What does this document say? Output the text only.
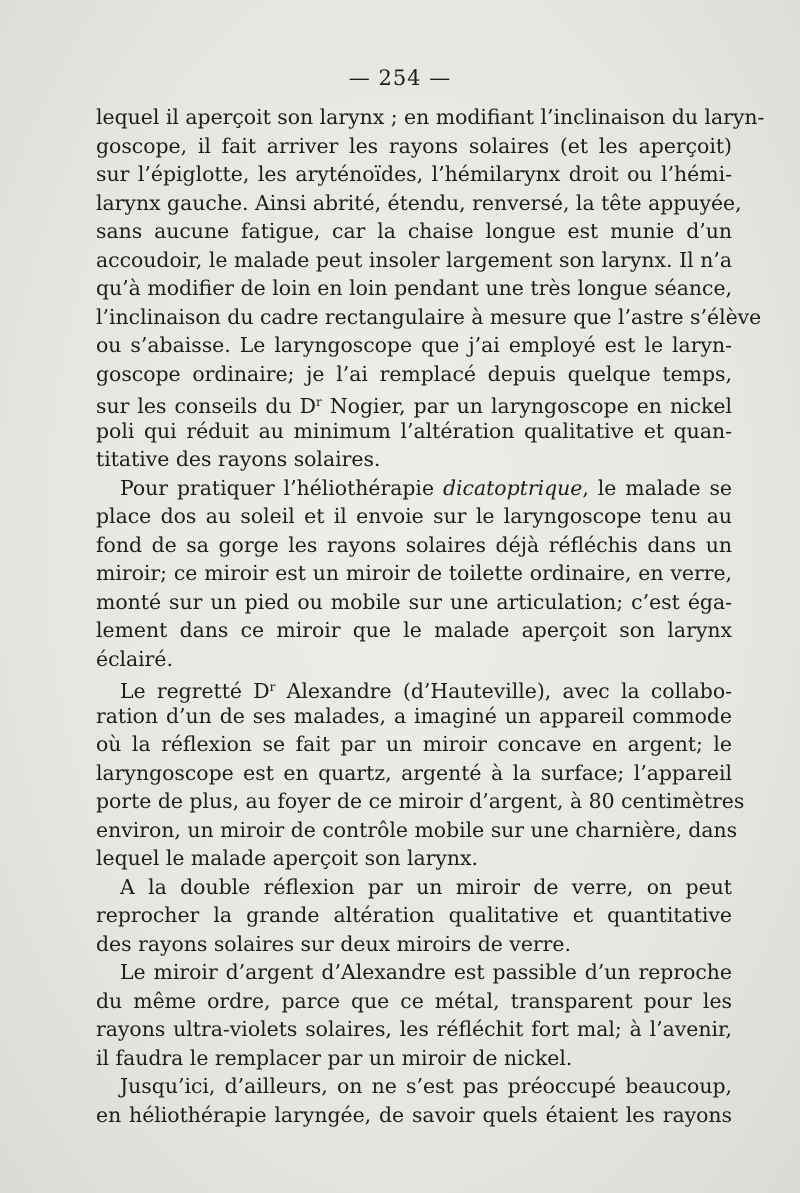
— 254 —
lequel il aperçoit son larynx ; en modifiant l’inclinaison du laryn-
goscope, il fait arriver les rayons solaires (et les aperçoit)
sur l’épiglotte, les aryténoïdes, l’hémilarynx droit ou l’hémi-
larynx gauche. Ainsi abrité, étendu, renversé, la tête appuyée,
sans aucune fatigue, car la chaise longue est munie d’un
accoudoir, le malade peut insoler largement son larynx. Il n’a
qu’à modifier de loin en loin pendant une très longue séance,
l’inclinaison du cadre rectangulaire à mesure que l’astre s’élève
ou s’abaisse. Le laryngoscope que j’ai employé est le laryn-
goscope ordinaire; je l’ai remplacé depuis quelque temps,
sur les conseils du $D^r$ Nogier, par un laryngoscope en nickel
poli qui réduit au minimum l’altération qualitative et quan-
titative des rayons solaires.
Pour pratiquer l’héliothérapie dicatoptrique, le malade se
place dos au soleil et il envoie sur le laryngoscope tenu au
fond de sa gorge les rayons solaires déjà réfléchis dans un
miroir; ce miroir est un miroir de toilette ordinaire, en verre,
monté sur un pied ou mobile sur une articulation; c’est éga-
lement dans ce miroir que le malade aperçoit son larynx
éclairé.
Le regretté $D^r$ Alexandre (d’Hauteville), avec la collabo-
ration d’un de ses malades, a imaginé un appareil commode
où la réflexion se fait par un miroir concave en argent; le
laryngoscope est en quartz, argenté à la surface; l’appareil
porte de plus, au foyer de ce miroir d’argent, à 80 centimètres
environ, un miroir de contrôle mobile sur une charnière, dans
lequel le malade aperçoit son larynx.
A la double réflexion par un miroir de verre, on peut
reprocher la grande altération qualitative et quantitative
des rayons solaires sur deux miroirs de verre.
Le miroir d’argent d’Alexandre est passible d’un reproche
du même ordre, parce que ce métal, transparent pour les
rayons ultra-violets solaires, les réfléchit fort mal; à l’avenir,
il faudra le remplacer par un miroir de nickel.
Jusqu’ici, d’ailleurs, on ne s’est pas préoccupé beaucoup,
en héliothérapie laryngée, de savoir quels étaient les rayons
